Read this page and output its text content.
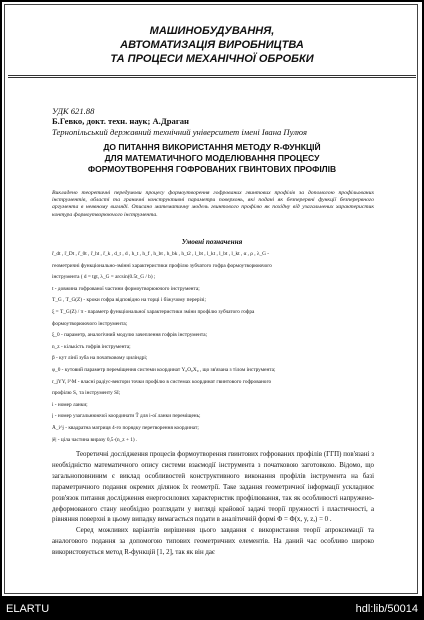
МАШИНОБУДУВАННЯ,
АВТОМАТИЗАЦІЯ ВИРОБНИЦТВА
ТА ПРОЦЕСИ МЕХАНІЧНОЇ ОБРОБКИ
УДК 621.88
Б.Гевко, докт. техн. наук; А.Драган
Тернопільський державний технічний університет імені Івана Пулюя
ДО ПИТАННЯ ВИКОРИСТАННЯ МЕТОДУ R-ФУНКЦІЙ
ДЛЯ МАТЕМАТИЧНОГО МОДЕЛЮВАННЯ ПРОЦЕСУ
ФОРМОУТВОРЕННЯ ГОФРОВАНИХ ГВИНТОВИХ ПРОФІЛІВ
Викладено теоретичні передумови процесу формоутворення гофрованих гвинтових профілів за допомогою профільованих інструментів, області та граничні конструктивні параметри поверхонь, які подані як безперервні функції безперервного аргумента в неявному вигляді. Описано математичну модель гвинтового профілю як похідну від узагальнених характеристик контура формоутворюючого інструмента.
Умовні позначення
r̄_dt , r̄_Dt , r̄_0t , r̄_ht , r̄_k , d_t , d , h_t , h_f , h_bt , h_bk , h_t2 , l_bt , l_kt , l_bt , l_kt , α , ρ , λ_G -
геометричні функціонально-змінні характеристики профілю зубчатого гофра формоутворюючого
інструмента ( d = tgt, λ_G = arcsin(0.5t_G / b) ;
t - довжина гофрованої частини формоутворюючого інструмента;
T_G , T_G(Z) - кроки гофра відповідно на торці і біжучому перерізі;
ξ = T_G(Z) / π - параметр функціональної характеристики зміни профілю зубчатого гофра
формоутворюючого інструмента;
ξ_0 - параметр, аналогічний модулю зачеплення гофрів інструмента;
n_z - кількість гофрів інструмента;
β - кут лінії зуба на початковому циліндрі;
φ_0 - кутовий параметр переміщення системи координат Y₀O₀X₀ , що зв'язана з тілом інструмента;
r_jYY, r̄^M - власні радіус-вектори точки профілю в системах координат гвинтового гофрованого
профілю S₁ та інструменту SI;
i - номер ланки;
j - номер узагальнюючої координати T̄ для i-ої ланки переміщень;
Ā_i^j - квадратна матриця 4-го порядку перетворення координат;
|ē| - ціла частина виразу 0,5·(n_z + 1) .

Теоретичні дослідження процесів формоутворення гвинтових гофрованих профілів (ГГП) пов'язані з необхідністю математичного опису системи взаємодії інструмента з початковою заготовкою. Відомо, що загальноповниним є виклад особливостей конструктивного виконання профілів інструмента на базі параметричного подання окремих ділянок їх геометрії. Таке задання геометричної інформації ускладнює розв'язок питання дослідження енергосилових характеристик профілювання, так як особливості напружено-деформованого стану необхідно розглядати у вигляді крайової задачі теорії пружності і пластичності, а рівняння поверхні в цьому випадку вимагається подати в аналітичній формі Φ = Φ(x, y, z,) = 0 .

Серед можливих варіантів вирішення цього завдання є використання теорії апроксимації та аналогового подання за допомогою типових геометричних елементів. На даний час особливо широко використовується метод R-функцій [1, 2], так як він дає

ELARTU	hdl:lib/50014
